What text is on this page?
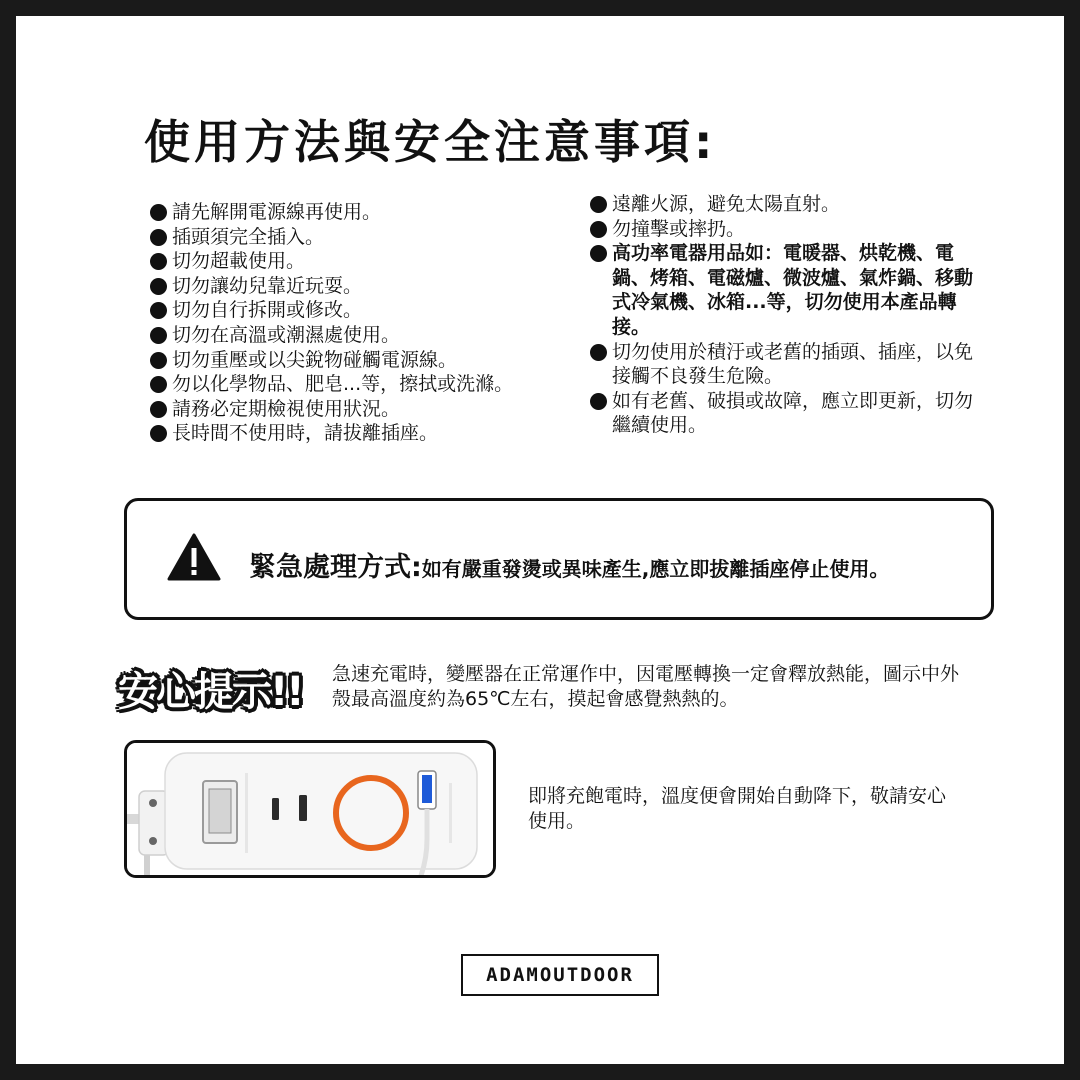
使用方法與安全注意事項:
請先解開電源線再使用。
插頭須完全插入。
切勿超載使用。
切勿讓幼兒靠近玩耍。
切勿自行拆開或修改。
切勿在高溫或潮濕處使用。
切勿重壓或以尖銳物碰觸電源線。
勿以化學物品、肥皂...等，擦拭或洗滌。
請務必定期檢視使用狀況。
長時間不使用時，請拔離插座。
遠離火源，避免太陽直射。
勿撞擊或摔扔。
高功率電器用品如：電暖器、烘乾機、電鍋、烤箱、電磁爐、微波爐、氣炸鍋、移動式冷氣機、冰箱...等，切勿使用本產品轉接。
切勿使用於積汙或老舊的插頭、插座，以免接觸不良發生危險。
如有老舊、破損或故障，應立即更新，切勿繼續使用。
緊急處理方式:如有嚴重發燙或異味產生,應立即拔離插座停止使用。
安心提示!! 急速充電時，變壓器在正常運作中，因電壓轉換一定會釋放熱能，圖示中外殼最高溫度約為65℃左右，摸起會感覺熱熱的。
即將充飽電時，溫度便會開始自動降下，敬請安心使用。
ADAMOUTDOOR
